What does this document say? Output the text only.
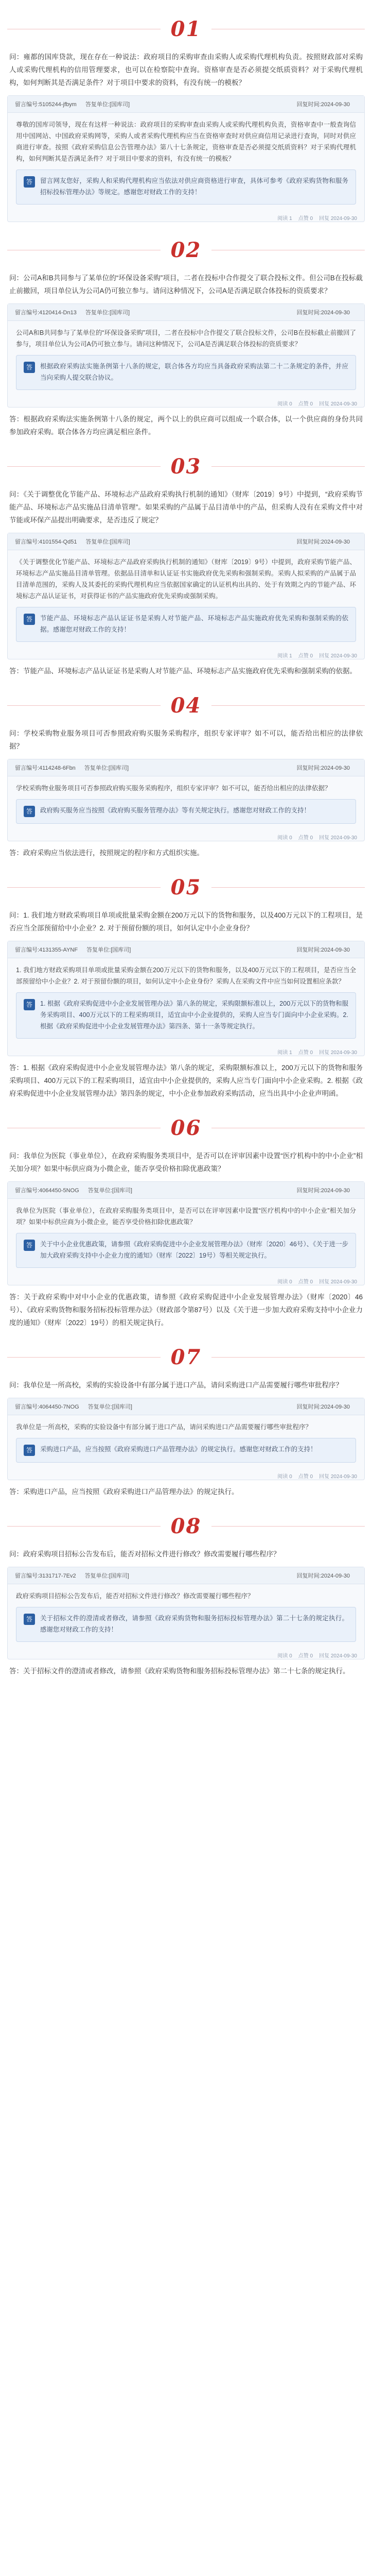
01

问：雍都的国库贷款，现在存在一种说法：政府项目的采购审查由采购人或采购代理机构负责。按照财政部对采购人或采购代理机构的信用管理要求，也可以在检察院中查询。资格审查是否必须提交纸质资料？对于采购代理机构，如何判断其是否满足条件？对于项目中要求的资料，有没有统一的模板？

留言编号:5105244-jfbym 答复单位:[国库司]	回复时间:2024-09-30

尊敬的国库司领导，现在有这样一种说法：政府项目的采购审查由采购人或采购代理机构负责，资格审查中一般查询信用中国网站、中国政府采购网等，采购人或者采购代理机构应当在资格审查时对供应商信用记录进行查询，同时对供应商进行审查。按照《政府采购信息公告管理办法》第八十七条规定，资格审查是否必须提交纸质资料？对于采购代理机构，如何判断其是否满足条件？对于项目中要求的资料，有没有统一的模板？

答	留言网友您好，采购人和采购代理机构应当依法对供应商资格进行审查，具体可参考《政府采购货物和服务招标投标管理办法》等规定。感谢您对财政工作的支持！
阅读 1 点赞 0 回复 2024-09-30
02

问：公司A和B共同参与了某单位的“环保设备采购”项目，二者在投标中合作提交了联合投标文件。但公司B在投标截止前撤回，项目单位认为公司A仍可独立参与。请问这种情况下，公司A是否满足联合体投标的资质要求？

留言编号:4120414-Dn13 答复单位:[国库司]	回复时间:2024-09-30

公司A和B共同参与了某单位的“环保设备采购”项目，二者在投标中合作提交了联合投标文件，公司B在投标截止前撤回了参与，项目单位认为公司A仍可独立参与。请问这种情况下，公司A是否满足联合体投标的资质要求？

答	根据政府采购法实施条例第十八条的规定，联合体各方均应当具备政府采购法第二十二条规定的条件，并应当向采购人提交联合协议。
阅读 0 点赞 0 回复 2024-09-30

答：根据政府采购法实施条例第十八条的规定，两个以上的供应商可以组成一个联合体，以一个供应商的身份共同参加政府采购。联合体各方均应满足相应条件。

03

问：《关于调整优化节能产品、环境标志产品政府采购执行机制的通知》（财库〔2019〕9号）中提到，“政府采购节能产品、环境标志产品实施品目清单管理”。如果采购的产品属于品目清单中的产品，但采购人没有在采购文件中对节能或环保产品提出明确要求，是否违反了规定？

留言编号:4101554-Qd51 答复单位:[国库司]	回复时间:2024-09-30

《关于调整优化节能产品、环境标志产品政府采购执行机制的通知》（财库〔2019〕9号）中提到，政府采购节能产品、环境标志产品实施品目清单管理。依据品目清单和认证证书实施政府优先采购和强制采购。采购人拟采购的产品属于品目清单范围的，采购人及其委托的采购代理机构应当依据国家确定的认证机构出具的、处于有效期之内的节能产品、环境标志产品认证证书，对获得证书的产品实施政府优先采购或强制采购。

答	节能产品、环境标志产品认证证书是采购人对节能产品、环境标志产品实施政府优先采购和强制采购的依据。感谢您对财政工作的支持！
阅读 1 点赞 0 回复 2024-09-30

答：节能产品、环境标志产品认证证书是采购人对节能产品、环境标志产品实施政府优先采购和强制采购的依据。

04

问：学校采购物业服务项目可否参照政府购买服务采购程序，组织专家评审？如不可以，能否给出相应的法律依据？

留言编号:4114248-6Fbn 答复单位:[国库司]	回复时间:2024-09-30

学校采购物业服务项目可否参照政府购买服务采购程序，组织专家评审？如不可以，能否给出相应的法律依据？

答	政府购买服务应当按照《政府购买服务管理办法》等有关规定执行。感谢您对财政工作的支持！
阅读 0 点赞 0 回复 2024-09-30

答：政府采购应当依法进行，按照规定的程序和方式组织实施。

05

问：1. 我们地方财政采购项目单项或批量采购金额在200万元以下的货物和服务，以及400万元以下的工程项目，是否应当全部预留给中小企业？2. 对于预留份额的项目，如何认定中小企业身份？

留言编号:4131355-AYNF 答复单位:[国库司]	回复时间:2024-09-30

1. 我们地方财政采购项目单项或批量采购金额在200万元以下的货物和服务，以及400万元以下的工程项目，是否应当全部预留给中小企业？2. 对于预留份额的项目，如何认定中小企业身份？采购人在采购文件中应当如何设置相应条款？

答	1. 根据《政府采购促进中小企业发展管理办法》第八条的规定，采购限额标准以上，200万元以下的货物和服务采购项目、400万元以下的工程采购项目，适宜由中小企业提供的，采购人应当专门面向中小企业采购。2. 根据《政府采购促进中小企业发展管理办法》第四条、第十一条等规定执行。
阅读 1 点赞 0 回复 2024-09-30

答：1. 根据《政府采购促进中小企业发展管理办法》第八条的规定，采购限额标准以上，200万元以下的货物和服务采购项目、400万元以下的工程采购项目，适宜由中小企业提供的，采购人应当专门面向中小企业采购。2. 根据《政府采购促进中小企业发展管理办法》第四条的规定，中小企业参加政府采购活动，应当出具中小企业声明函。

06

问：我单位为医院（事业单位），在政府采购服务类项目中，是否可以在评审因素中设置“医疗机构中的中小企业”相关加分项？如果中标供应商为小微企业，能否享受价格扣除优惠政策？

留言编号:4064450-5NOG 答复单位:[国库司]	回复时间:2024-09-30

我单位为医院（事业单位），在政府采购服务类项目中，是否可以在评审因素中设置“医疗机构中的中小企业”相关加分项？如果中标供应商为小微企业，能否享受价格扣除优惠政策？

答	关于中小企业优惠政策，请参照《政府采购促进中小企业发展管理办法》（财库〔2020〕46号）、《关于进一步加大政府采购支持中小企业力度的通知》（财库〔2022〕19号）等相关规定执行。
阅读 0 点赞 0 回复 2024-09-30

答：关于政府采购中对中小企业的优惠政策，请参照《政府采购促进中小企业发展管理办法》（财库〔2020〕46号）、《政府采购货物和服务招标投标管理办法》（财政部令第87号）以及《关于进一步加大政府采购支持中小企业力度的通知》（财库〔2022〕19号）的相关规定执行。

07

问：我单位是一所高校，采购的实验设备中有部分属于进口产品，请问采购进口产品需要履行哪些审批程序？

留言编号:4064450-7NOG 答复单位:[国库司]	回复时间:2024-09-30

我单位是一所高校，采购的实验设备中有部分属于进口产品，请问采购进口产品需要履行哪些审批程序？

答	采购进口产品，应当按照《政府采购进口产品管理办法》的规定执行。感谢您对财政工作的支持！
阅读 0 点赞 0 回复 2024-09-30

答：采购进口产品，应当按照《政府采购进口产品管理办法》的规定执行。

08

问：政府采购项目招标公告发布后，能否对招标文件进行修改？修改需要履行哪些程序？

留言编号:3131717-7Ev2 答复单位:[国库司]	回复时间:2024-09-30

政府采购项目招标公告发布后，能否对招标文件进行修改？修改需要履行哪些程序？

答	关于招标文件的澄清或者修改，请参照《政府采购货物和服务招标投标管理办法》第二十七条的规定执行。感谢您对财政工作的支持！
阅读 0 点赞 0 回复 2024-09-30

答：关于招标文件的澄清或者修改，请参照《政府采购货物和服务招标投标管理办法》第二十七条的规定执行。
